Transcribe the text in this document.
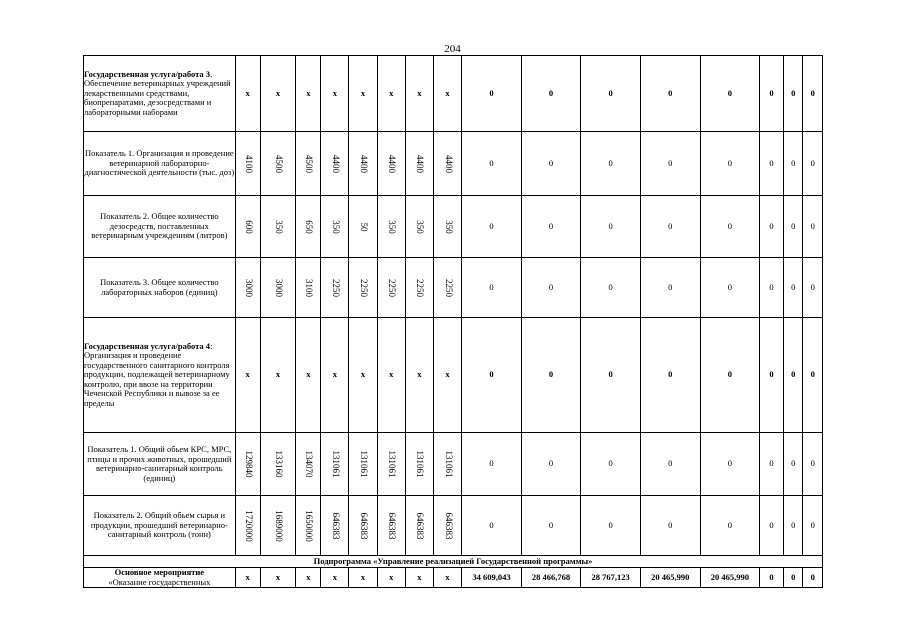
204
Государственная услуга/работа 3. Обеспечение ветеринарных учреждений лекарственными средствами, биопрепаратами, дезосредствами и лабораторными наборами	x	x	x	x	x	x	x	x	0	0	0	0	0	0	0	0
Показатель 1. Организация и проведение ветеринарной лабораторно-диагностической деятельности (тыс. доз)	4100	4500	4500	4400	4400	4400	4400	4400	0	0	0	0	0	0	0	0
Показатель 2. Общее количество дезосредств, поставленных ветеринарным учреждениям (литров)	600	350	650	350	50	350	350	350	0	0	0	0	0	0	0	0
Показатель 3. Общее количество лабораторных наборов (единиц)	3000	3000	3100	2250	2250	2250	2250	2250	0	0	0	0	0	0	0	0
Государственная услуга/работа 4: Организация и проведение государственного санитарного контроля продукции, подлежащей ветеринарному контролю, при ввозе на территории Чеченской Республики и вывозе за ее пределы	x	x	x	x	x	x	x	x	0	0	0	0	0	0	0	0
Показатель 1. Общий обьем КРС, МРС, птицы и прочих животных, прошедший ветеринарно-санитарный контроль (единиц)	129840	133160	134070	131061	131061	131061	131061	131061	0	0	0	0	0	0	0	0
Показатель 2. Общий обьем сырья и продукции, прошедший ветеринарно-санитарный контроль (тонн)	1720000	1689000	1650000	646383	646383	646383	646383	646383	0	0	0	0	0	0	0	0
Подпрограмма «Управление реализацией Государственной программы»																

Основное мероприятие
«Оказание государственных	x	x	x	x	x	x	x	x	34 609,043	28 466,768	28 767,123	20 465,990	20 465,990	0	0	0
